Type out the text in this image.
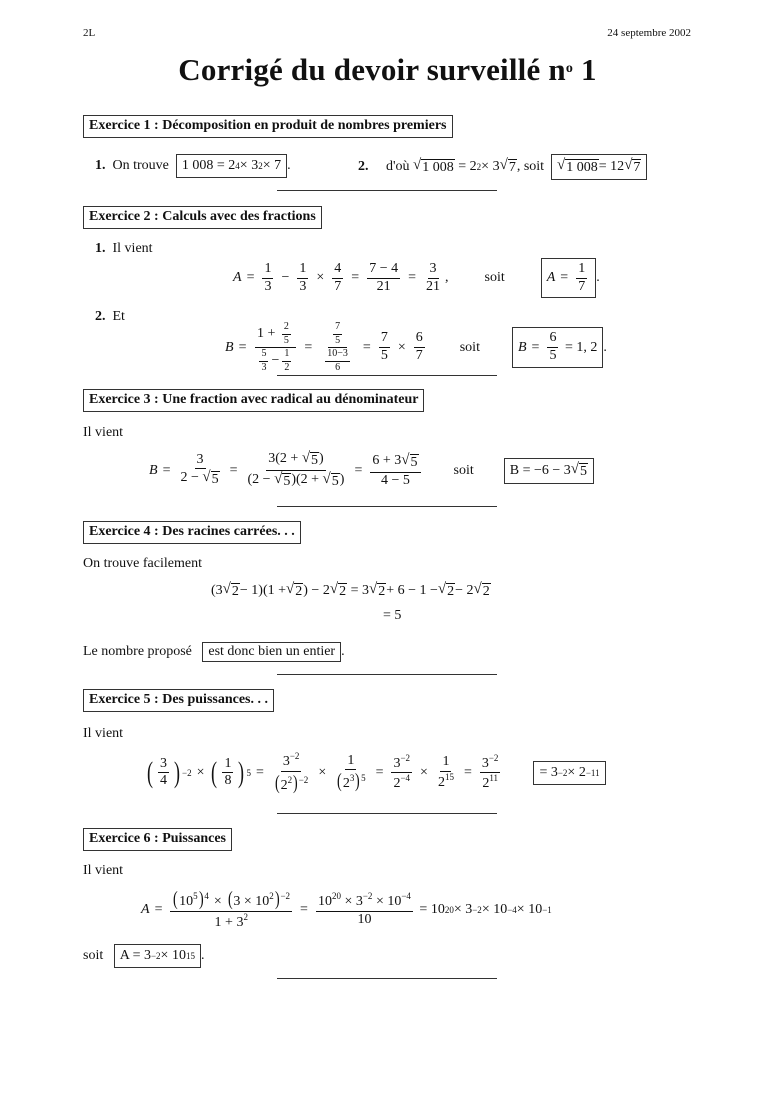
2L	24 septembre 2002
Corrigé du devoir surveillé $n^o$ 1
Exercice 1 : Décomposition en produit de nombres premiers
1.
On trouve
1 008 = 2 4 × 3 2 × 7 .	2.
d'où
√ 1 008
= 2 2 × 3 √ 7 , soit
√ 1 008 = 12 √ 7
Exercice 2 : Calculs avec des fractions
1. Il vient
$A = \frac{1}{3} - \frac{1}{3} \times \frac{4}{7} = \frac{7 - 4}{21} = \frac{3}{21}$ ,	soit	$A = \frac{1}{7}$ .
2. Et
$B = \frac{1 + \frac{2}{5}}{\frac{5}{3} - \frac{1}{2}} = \frac{\frac{7}{5}}{\frac{10-3}{6}} = \frac{7}{5} \times \frac{6}{7}$	soit	$B = \frac{6}{5}$
= 1, 2 .
Exercice 3 : Une fraction avec radical au dénominateur
Il vient
$B = \frac{3}{2 - √ 5} = \frac{3(2 + √ 5 )}{(2 - √ 5 )(2 + √ 5 )} = \frac{6 + 3 √ 5}{4 - 5}$ soit	B = −6 − 3 √ 5
Exercice 4 : Des racines carrées. . .
On trouve facilement
(3 √ 2 − 1)(1 + √ 2 ) − 2 √ 2
= 3 √ 2 + 6 − 1 − √ 2 − 2 √ 2
= 5
Le nombre proposé
	est donc bien un entier .
Exercice 5 : Des puissances. . .
Il vient
( $\frac{3}{4}$ ) −2 × ( $\frac{1}{8}$ ) $5 = \frac{3^{-2}}{(2^2)^{-2}} \times \frac{1}{(2^3)^5} = \frac{3^{-2}}{2^{-4}} \times \frac{1}{2^{15}} = \frac{3^{-2}}{2^{11}}$	= 3 −2 × 2 −11
Exercice 6 : Puissances
Il vient
$A = \frac{(10^5)^4 \times (3 \times 10^2)^{-2}}{1 + 3^2} = \frac{10^{20} \times 3^{-2} \times 10^{-4}}{10}$
= 10 20 × 3 −2 × 10 −4 × 10 −1
soit
A = 3 −2 × 10 15 .
